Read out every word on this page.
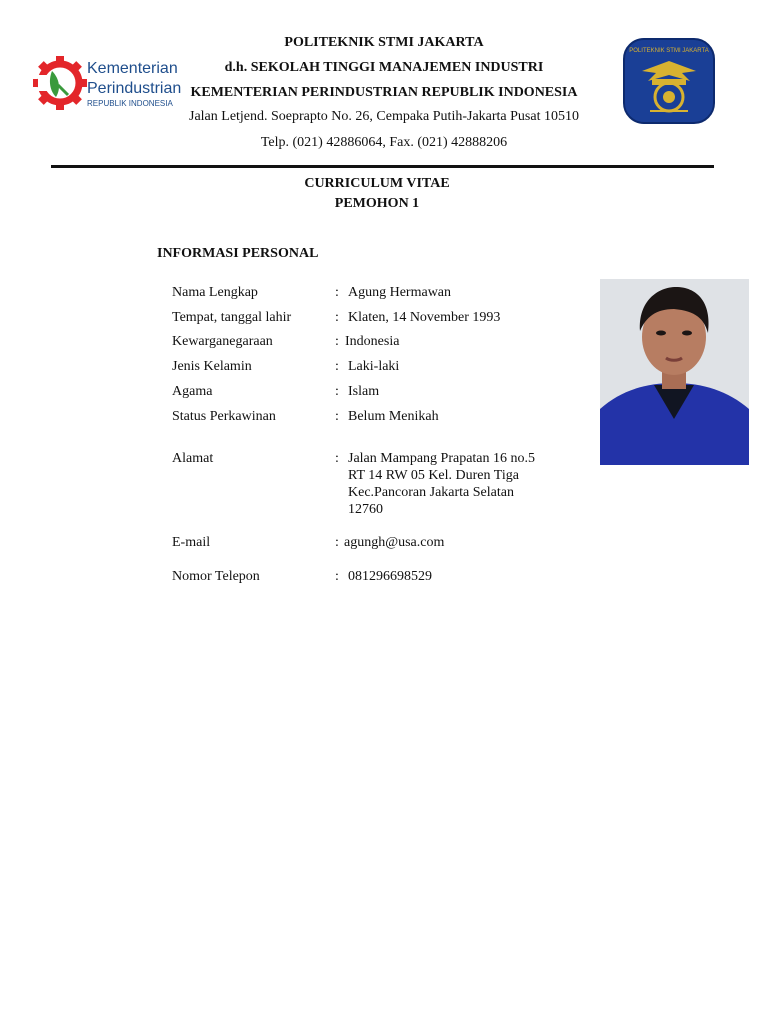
Kementerian
Perindustrian
REPUBLIK INDONESIA
POLITEKNIK STMI JAKARTA
POLITEKNIK STMI JAKARTA
d.h. SEKOLAH TINGGI MANAJEMEN INDUSTRI
KEMENTERIAN PERINDUSTRIAN REPUBLIK INDONESIA
Jalan Letjend. Soeprapto No. 26, Cempaka Putih-Jakarta Pusat 10510
Telp. (021) 42886064, Fax. (021) 42888206
CURRICULUM VITAE
PEMOHON 1
INFORMASI PERSONAL
Nama Lengkap	: Agung Hermawan
Tempat, tanggal lahir	: Klaten, 14 November 1993
Kewarganegaraan	: Indonesia
Jenis Kelamin	: Laki-laki
Agama	: Islam
Status Perkawinan	: Belum Menikah
Alamat	: Jalan Mampang Prapatan 16 no.5
RT 14 RW 05 Kel. Duren Tiga
Kec.Pancoran Jakarta Selatan
12760
E-mail	: agungh@usa.com
Nomor Telepon	: 081296698529
